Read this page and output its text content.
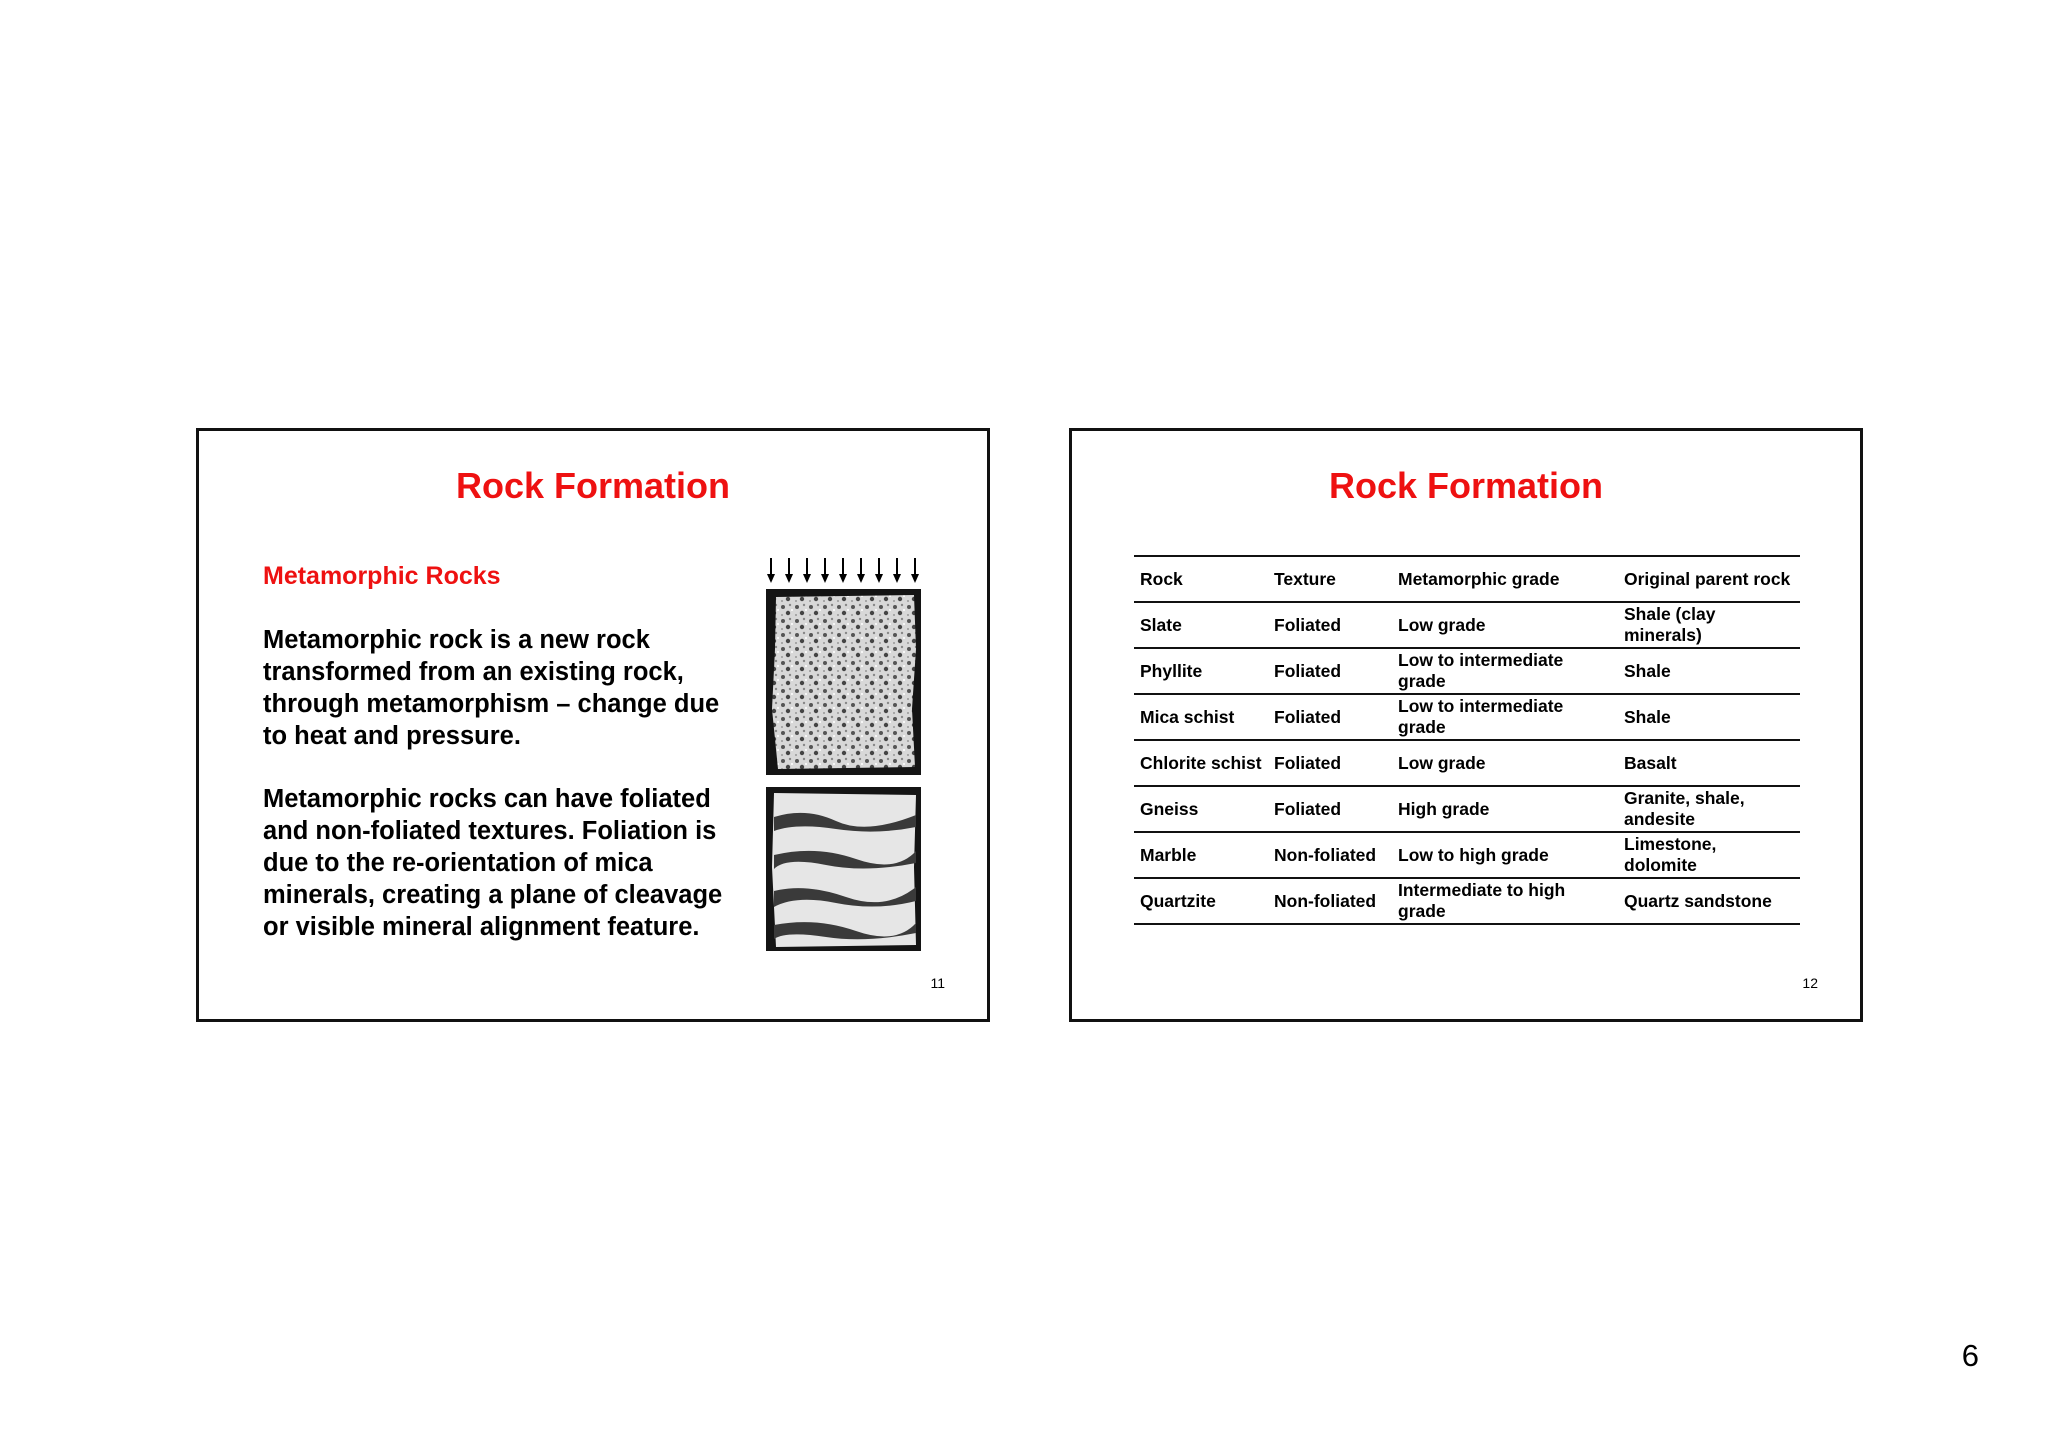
Rock Formation
Metamorphic Rocks
Metamorphic rock is a new rock transformed from an existing rock, through metamorphism – change due to heat and pressure.
Metamorphic rocks can have foliated and non-foliated textures. Foliation is due to the re-orientation of mica minerals, creating a plane of cleavage or visible mineral alignment feature.
11
Rock Formation
Rock	Texture	Metamorphic grade	Original parent rock
Slate	Foliated	Low grade	Shale (clay minerals)
Phyllite	Foliated	Low to intermediate grade	Shale
Mica schist	Foliated	Low to intermediate grade	Shale
Chlorite schist	Foliated	Low grade	Basalt
Gneiss	Foliated	High grade	Granite, shale, andesite
Marble	Non-foliated	Low to high grade	Limestone, dolomite
Quartzite	Non-foliated	Intermediate to high grade	Quartz sandstone
12
6
